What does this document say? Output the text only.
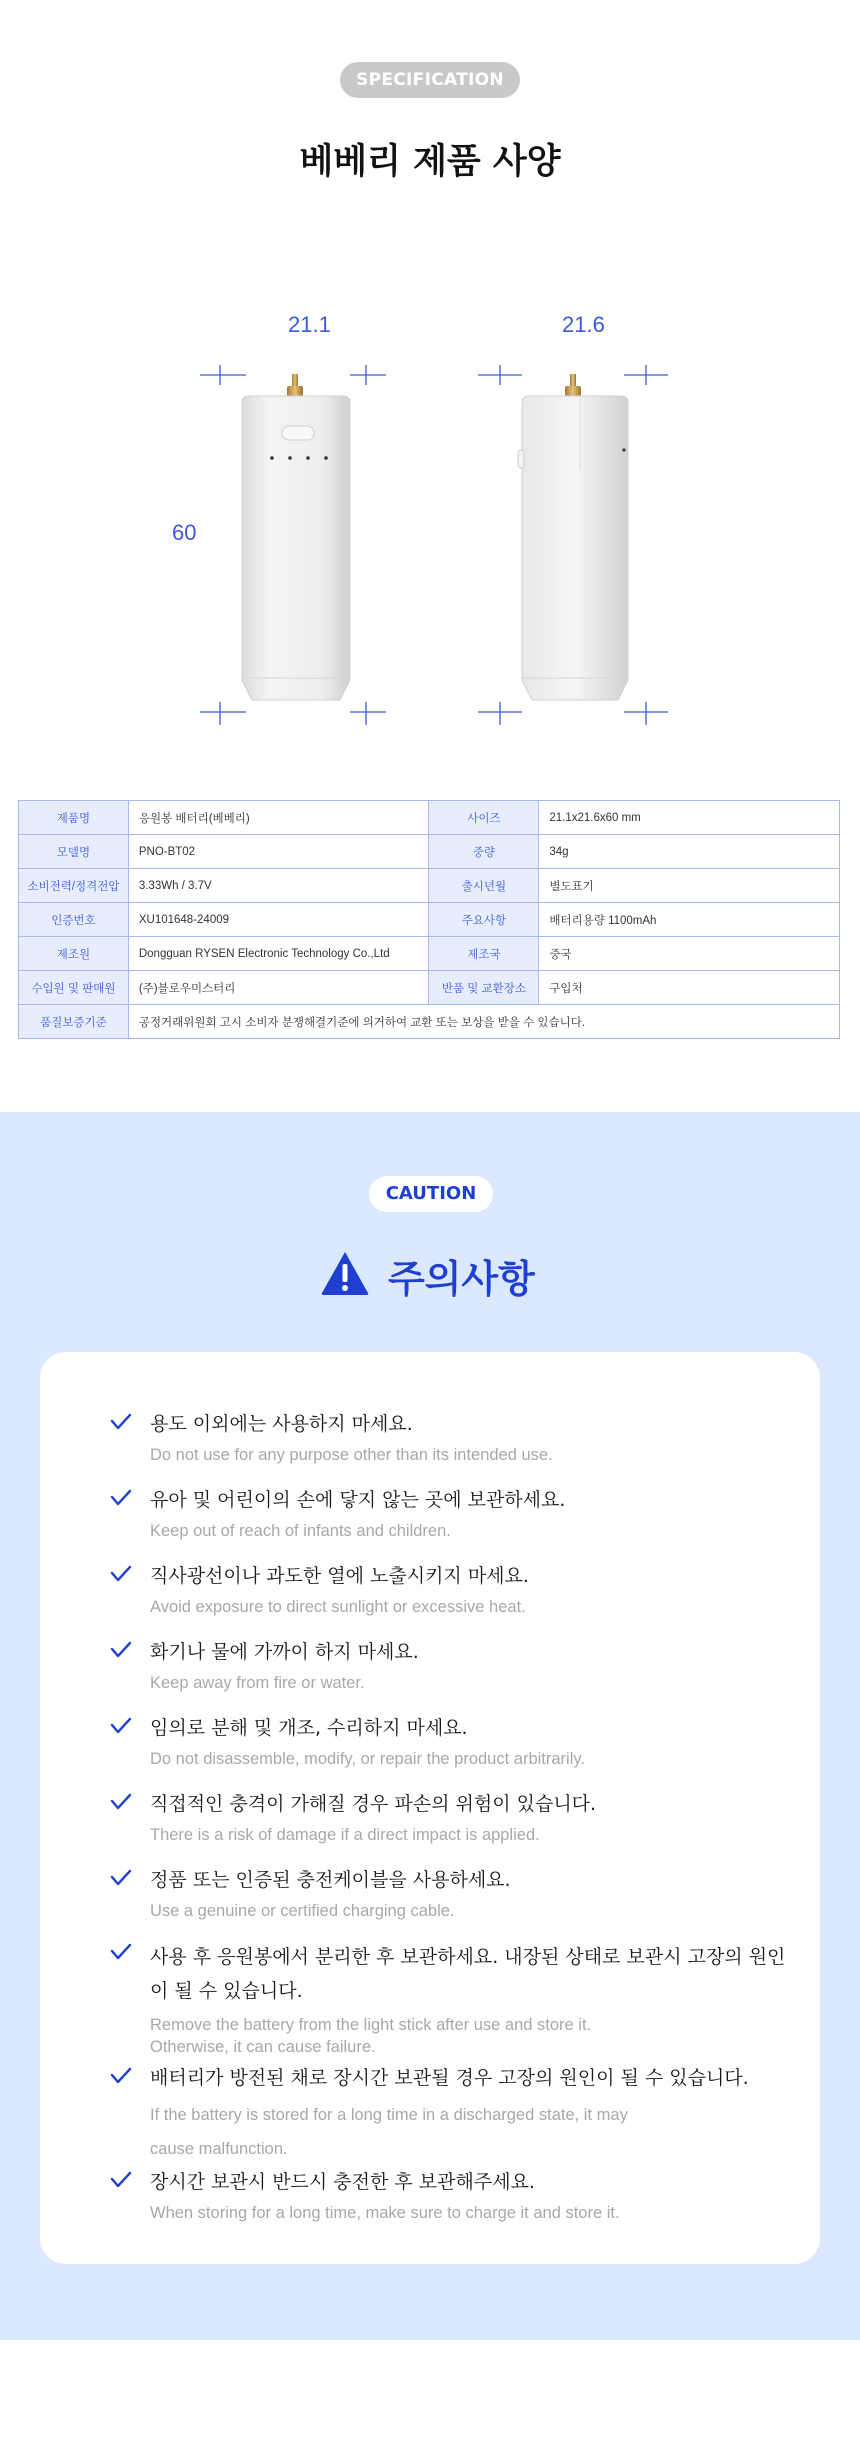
SPECIFICATION
베베리 제품 사양
21.1	21.6
60
제품명	응원봉 배터리(베베리)	사이즈	21.1x21.6x60 mm
모델명	PNO-BT02	중량	34g
소비전력/정격전압	3.33Wh / 3.7V	출시년월	별도표기
인증번호	XU101648-24009	주요사항	배터리용량 1100mAh
제조원	Dongguan RYSEN Electronic Technology Co.,Ltd	제조국	중국
수입원 및 판매원	(주)블로우미스터리	반품 및 교환장소	구입처
품질보증기준	공정거래위원회 고시 소비자 분쟁해결기준에 의거하여 교환 또는 보상을 받을 수 있습니다.		
CAUTION
주의사항
용도 이외에는 사용하지 마세요.
Do not use for any purpose other than its intended use.
유아 및 어린이의 손에 닿지 않는 곳에 보관하세요.
Keep out of reach of infants and children.
직사광선이나 과도한 열에 노출시키지 마세요.
Avoid exposure to direct sunlight or excessive heat.
화기나 물에 가까이 하지 마세요.
Keep away from fire or water.
임의로 분해 및 개조, 수리하지 마세요.
Do not disassemble, modify, or repair the product arbitrarily.
직접적인 충격이 가해질 경우 파손의 위험이 있습니다.
There is a risk of damage if a direct impact is applied.
정품 또는 인증된 충전케이블을 사용하세요.
Use a genuine or certified charging cable.
사용 후 응원봉에서 분리한 후 보관하세요. 내장된 상태로 보관시 고장의 원인이 될 수 있습니다.
Remove the battery from the light stick after use and store it. Otherwise, it can cause failure.
배터리가 방전된 채로 장시간 보관될 경우 고장의 원인이 될 수 있습니다.
If the battery is stored for a long time in a discharged state, it may cause malfunction.
장시간 보관시 반드시 충전한 후 보관해주세요.
When storing for a long time, make sure to charge it and store it.
